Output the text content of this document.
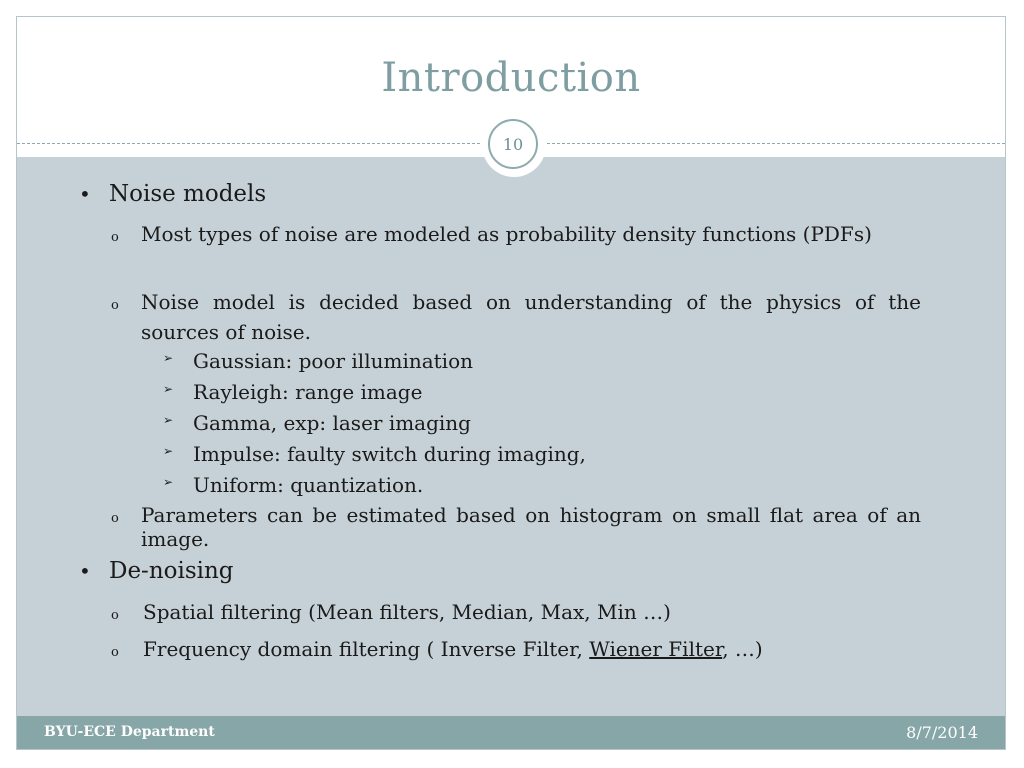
Introduction
10
• Noise models
o Most types of noise are modeled as probability density functions (PDFs)
o Noise model is decided based on understanding of the physics of the sources of noise.
➢ Gaussian: poor illumination
➢ Rayleigh: range image
➢ Gamma, exp: laser imaging
➢ Impulse: faulty switch during imaging,
➢ Uniform: quantization.
o Parameters can be estimated based on histogram on small flat area of an image.
• De-noising
o Spatial filtering (Mean filters, Median, Max, Min …)
o Frequency domain filtering ( Inverse Filter, Wiener Filter, …)
BYU-ECE Department	8/7/2014
